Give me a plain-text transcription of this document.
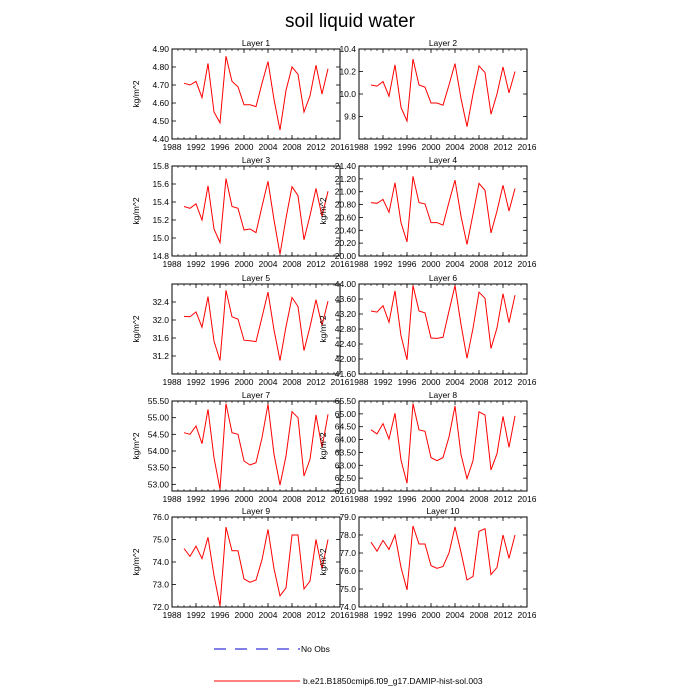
soil liquid water
Layer 1
kg/m^2
1988 1992 1996 2000 2004 2008 2012 2016
4.40
4.50
4.60
4.70
4.80
4.90
Layer 2
1988 1992 1996 2000 2004 2008 2012 2016
9.8
10.0
10.2
10.4
Layer 3
kg/m^2
1988 1992 1996 2000 2004 2008 2012 2016
14.8
15.0
15.2
15.4
15.6
15.8
Layer 4
kg/m^2
1988 1992 1996 2000 2004 2008 2012 2016
20.00
20.20
20.40
20.60
20.80
21.00
21.20
21.40
Layer 5
kg/m^2
1988 1992 1996 2000 2004 2008 2012 2016
31.2
31.6
32.0
32.4
Layer 6
kg/m^2
1988 1992 1996 2000 2004 2008 2012 2016
41.60
42.00
42.40
42.80
43.20
43.60
44.00
Layer 7
kg/m^2
1988 1992 1996 2000 2004 2008 2012 2016
53.00
53.50
54.00
54.50
55.00
55.50
Layer 8
kg/m^2
1988 1992 1996 2000 2004 2008 2012 2016
62.00
62.50
63.00
63.50
64.00
64.50
65.00
65.50
Layer 9
kg/m^2
1988 1992 1996 2000 2004 2008 2012 2016
72.0
73.0
74.0
75.0
76.0
Layer 10
kg/m^2
1988 1992 1996 2000 2004 2008 2012 2016
74.0
75.0
76.0
77.0
78.0
79.0
No Obs
b.e21.B1850cmip6.f09_g17.DAMIP-hist-sol.003
